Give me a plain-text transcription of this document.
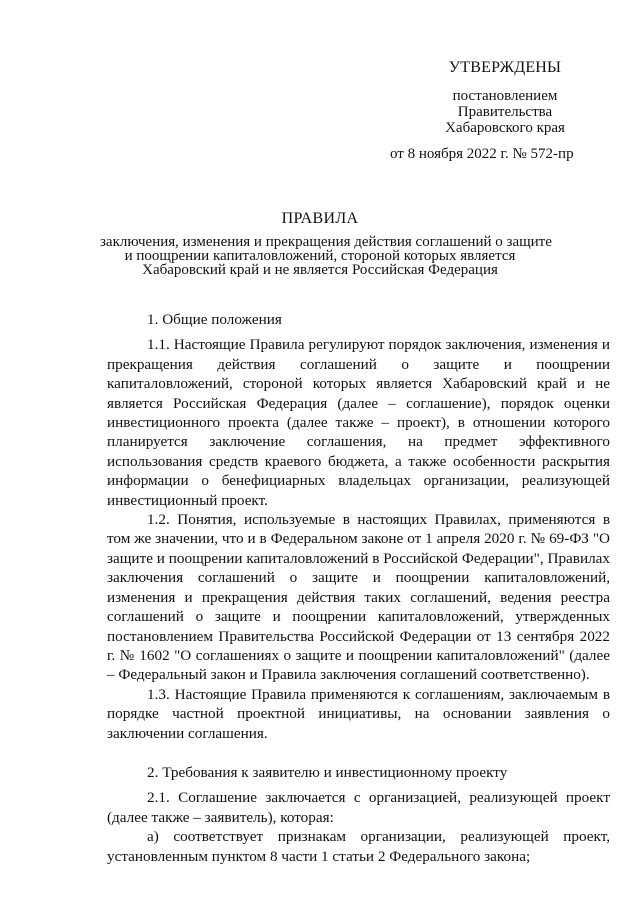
УТВЕРЖДЕНЫ
постановлением
Правительства
Хабаровского края
от 8 ноября 2022 г. № 572-пр
ПРАВИЛА
заключения, изменения и прекращения действия соглашений о защите
и поощрении капиталовложений, стороной которых является
Хабаровский край и не является Российская Федерация
1. Общие положения

1.1. Настоящие Правила регулируют порядок заключения, изменения и прекращения действия соглашений о защите и поощрении капиталовложений, стороной которых является Хабаровский край и не является Российская Федерация (далее – соглашение), порядок оценки инвестиционного проекта (далее также – проект), в отношении которого планируется заключение соглашения, на предмет эффективного использования средств краевого бюджета, а также особенности раскрытия информации о бенефициарных владельцах организации, реализующей инвестиционный проект.

1.2. Понятия, используемые в настоящих Правилах, применяются в том же значении, что и в Федеральном законе от 1 апреля 2020 г. № 69-ФЗ "О защите и поощрении капиталовложений в Российской Федерации", Правилах заключения соглашений о защите и поощрении капиталовложений, изменения и прекращения действия таких соглашений, ведения реестра соглашений о защите и поощрении капиталовложений, утвержденных постановлением Правительства Российской Федерации от 13 сентября 2022 г. № 1602 "О соглашениях о защите и поощрении капиталовложений" (далее – Федеральный закон и Правила заключения соглашений соответственно).

1.3. Настоящие Правила применяются к соглашениям, заключаемым в порядке частной проектной инициативы, на основании заявления о заключении соглашения.

2. Требования к заявителю и инвестиционному проекту

2.1. Соглашение заключается с организацией, реализующей проект (далее также – заявитель), которая:

а) соответствует признакам организации, реализующей проект, установленным пунктом 8 части 1 статьи 2 Федерального закона;
